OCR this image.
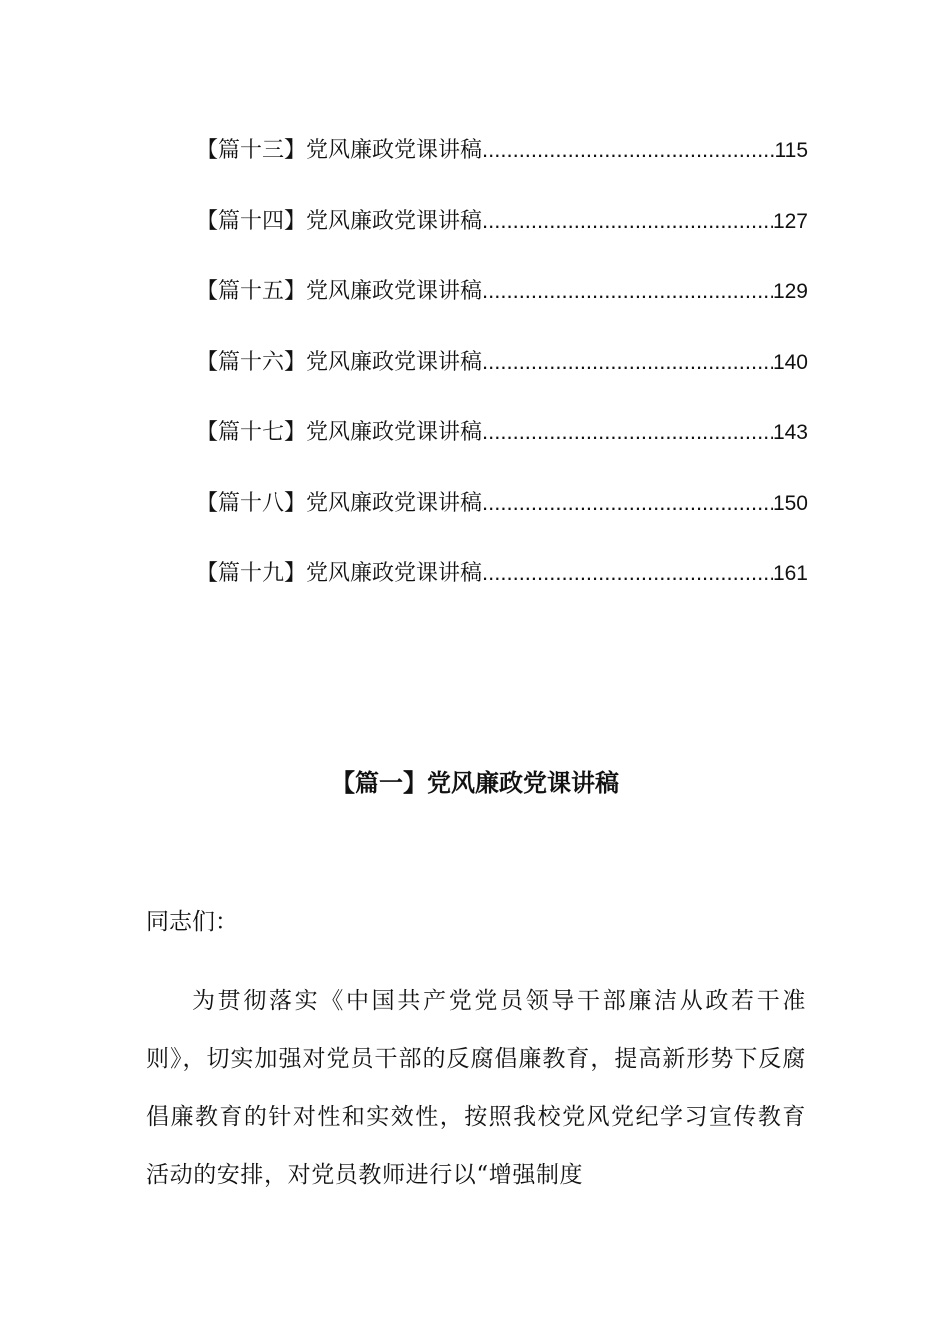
【篇十三】党风廉政党课讲稿 .....	115
【篇十四】党风廉政党课讲稿 .....	127
【篇十五】党风廉政党课讲稿 .....	129
【篇十六】党风廉政党课讲稿 .....	140
【篇十七】党风廉政党课讲稿 .....	143
【篇十八】党风廉政党课讲稿 .....	150
【篇十九】党风廉政党课讲稿 .....	161
【篇一】党风廉政党课讲稿
同志们：
为贯彻落实《中国共产党党员领导干部廉洁从政若干准则》，切实加强对党员干部的反腐倡廉教育，提高新形势下反腐倡廉教育的针对性和实效性，按照我校党风党纪学习宣传教育活动的安排，对党员教师进行以“增强制度
